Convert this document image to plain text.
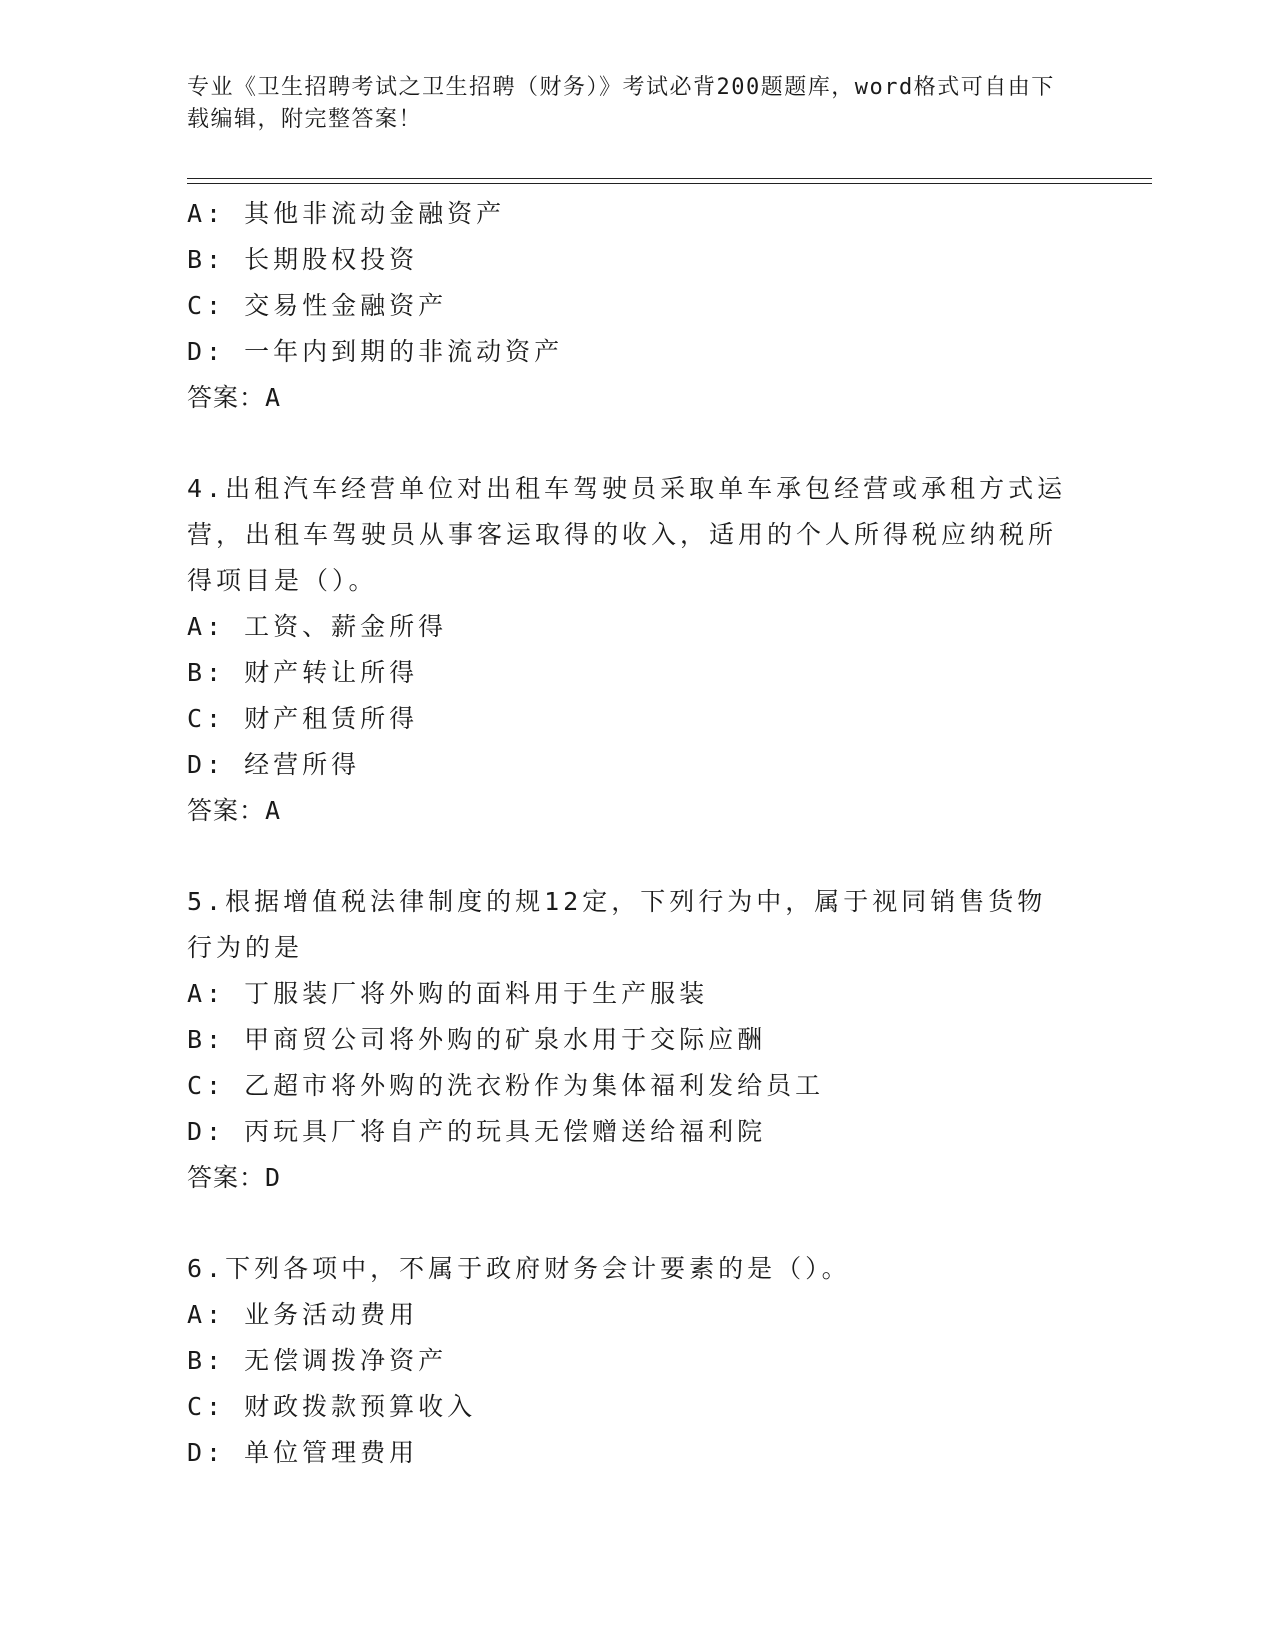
专业《卫生招聘考试之卫生招聘（财务）》考试必背200题题库，word格式可自由下载编辑，附完整答案！
A: 其他非流动金融资产
B: 长期股权投资
C: 交易性金融资产
D: 一年内到期的非流动资产
答案：A
4.出租汽车经营单位对出租车驾驶员采取单车承包经营或承租方式运营，出租车驾驶员从事客运取得的收入，适用的个人所得税应纳税所得项目是（）。
A: 工资、薪金所得
B: 财产转让所得
C: 财产租赁所得
D: 经营所得
答案：A
5.根据增值税法律制度的规12定，下列行为中，属于视同销售货物行为的是
A: 丁服装厂将外购的面料用于生产服装
B: 甲商贸公司将外购的矿泉水用于交际应酬
C: 乙超市将外购的洗衣粉作为集体福利发给员工
D: 丙玩具厂将自产的玩具无偿赠送给福利院
答案：D
6.下列各项中，不属于政府财务会计要素的是（）。
A: 业务活动费用
B: 无偿调拨净资产
C: 财政拨款预算收入
D: 单位管理费用
